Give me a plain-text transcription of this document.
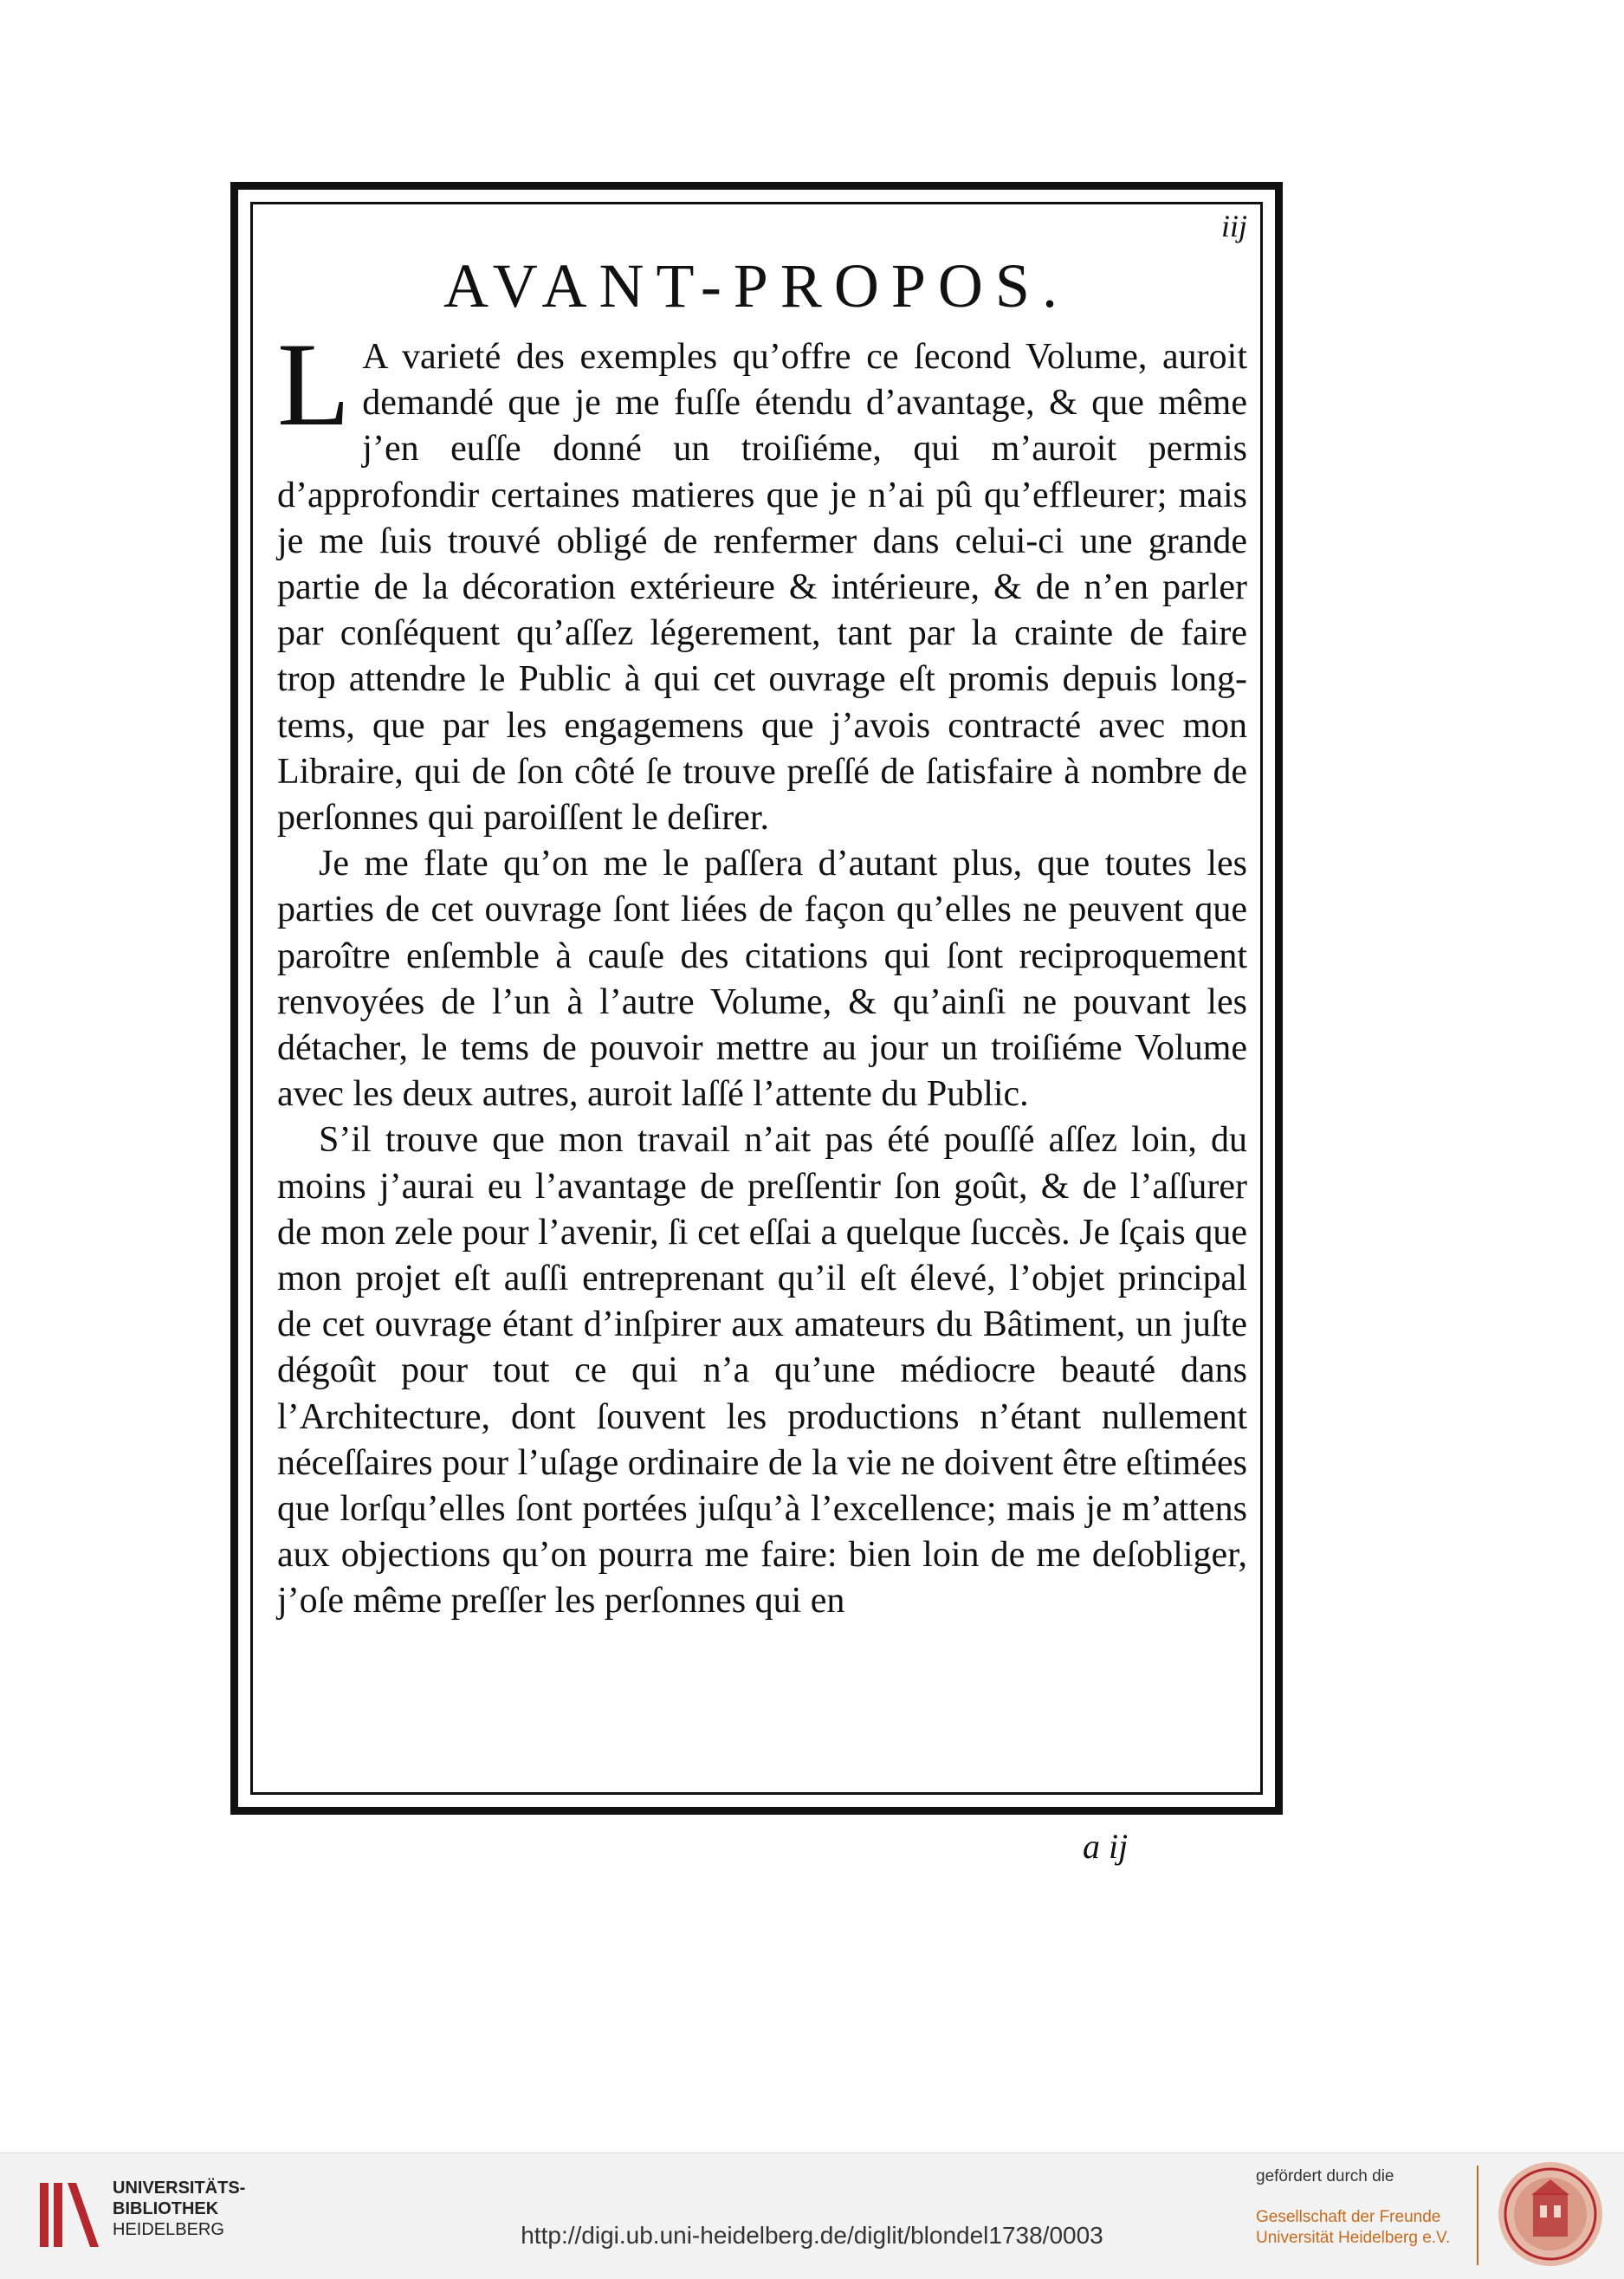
iij
AVANT-PROPOS.

L A varieté des exemples qu’offre ce ſecond Volume, auroit demandé que je me fuſſe étendu d’avantage, & que même j’en euſſe donné un troiſiéme, qui m’auroit permis d’approfondir certaines matieres que je n’ai pû qu’effleurer; mais je me ſuis trouvé obligé de renfermer dans celui-ci une grande partie de la décoration extérieure & intérieure, & de n’en parler par conſéquent qu’aſſez légerement, tant par la crainte de faire trop attendre le Public à qui cet ouvrage eſt promis depuis long-tems, que par les engagemens que j’avois contracté avec mon Libraire, qui de ſon côté ſe trouve preſſé de ſatisfaire à nombre de perſonnes qui paroiſſent le deſirer.

Je me flate qu’on me le paſſera d’autant plus, que toutes les parties de cet ouvrage ſont liées de façon qu’elles ne peuvent que paroître enſemble à cauſe des citations qui ſont reciproquement renvoyées de l’un à l’autre Volume, & qu’ainſi ne pouvant les détacher, le tems de pouvoir mettre au jour un troiſiéme Volume avec les deux autres, auroit laſſé l’attente du Public.

S’il trouve que mon travail n’ait pas été pouſſé aſſez loin, du moins j’aurai eu l’avantage de preſſentir ſon goût, & de l’aſſurer de mon zele pour l’avenir, ſi cet eſſai a quelque ſuccès. Je ſçais que mon projet eſt auſſi entreprenant qu’il eſt élevé, l’objet principal de cet ouvrage étant d’inſpirer aux amateurs du Bâtiment, un juſte dégoût pour tout ce qui n’a qu’une médiocre beauté dans l’Architecture, dont ſouvent les productions n’étant nullement néceſſaires pour l’uſage ordinaire de la vie ne doivent être eſtimées que lorſqu’elles ſont portées juſqu’à l’excellence; mais je m’attens aux objections qu’on pourra me faire: bien loin de me deſobliger, j’oſe même preſſer les perſonnes qui en

a ij
UNIVERSITÄTS-
BIBLIOTHEK
HEIDELBERG	http://digi.ub.uni-heidelberg.de/diglit/blondel1738/0003
gefördert durch die
Gesellschaft der Freunde
Universität Heidelberg e.V.
